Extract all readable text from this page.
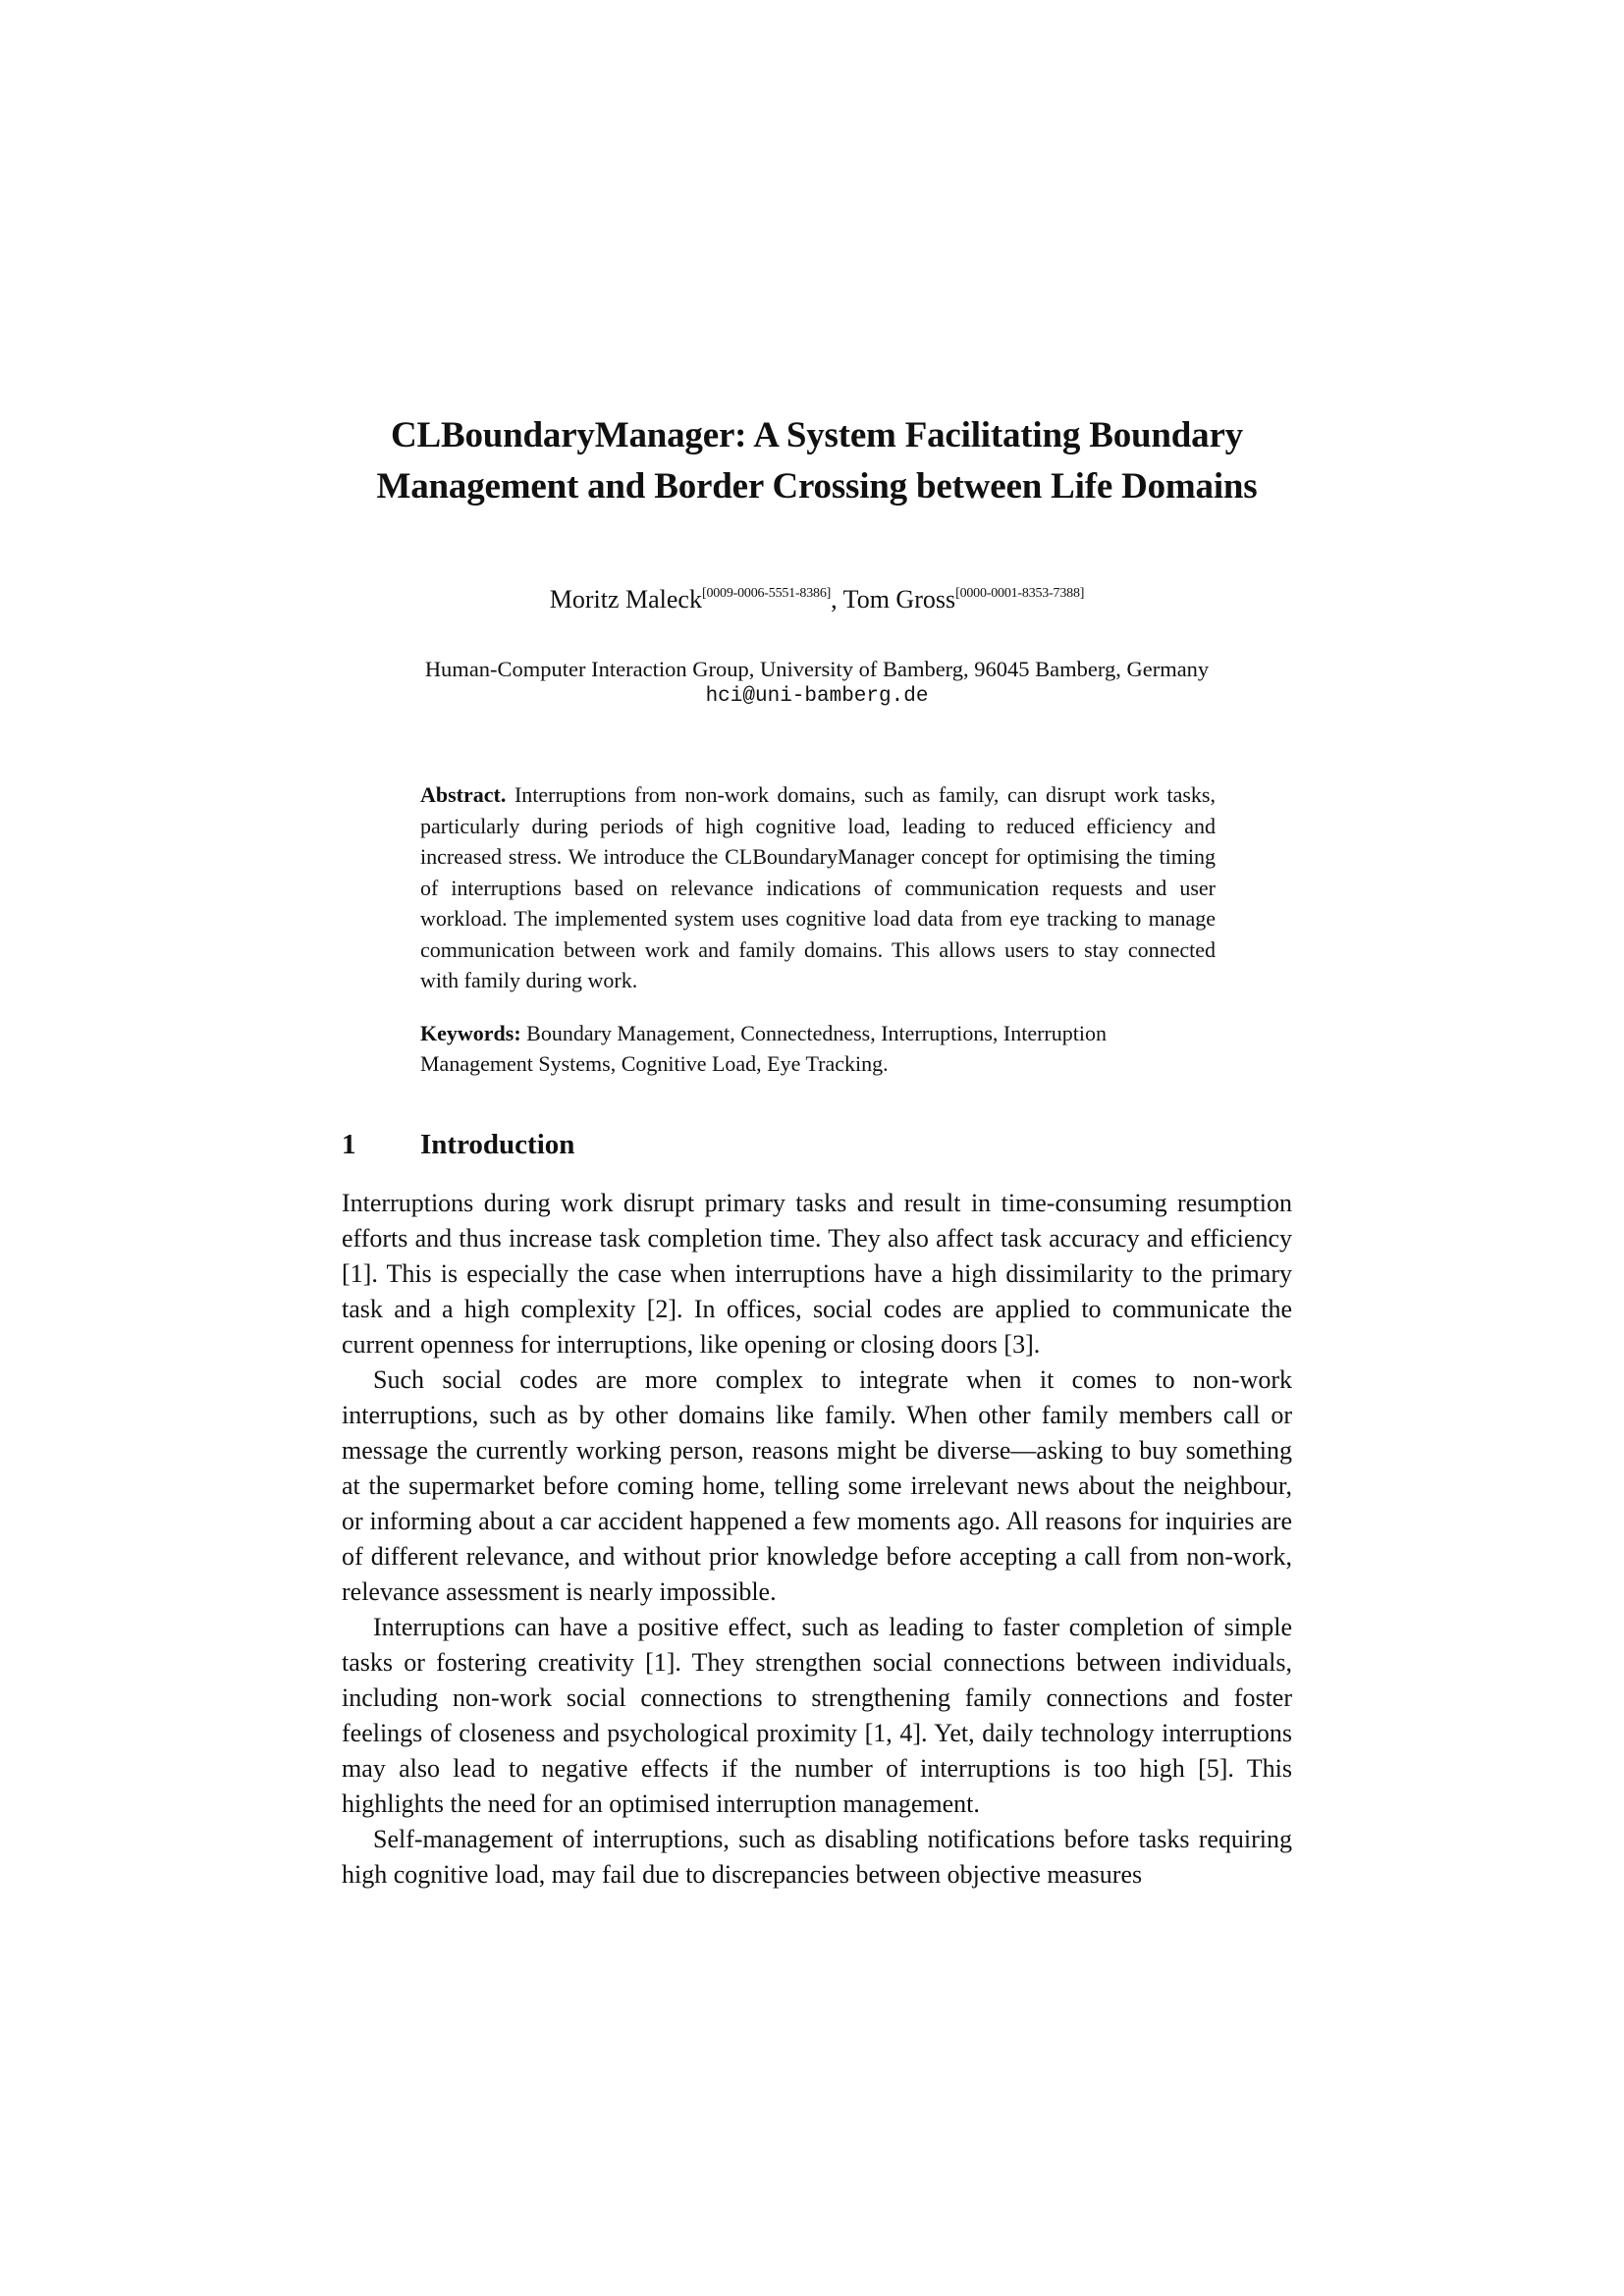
CLBoundaryManager: A System Facilitating Boundary
Management and Border Crossing between Life Domains
Moritz Maleck[0009-0006-5551-8386], Tom Gross[0000-0001-8353-7388]
Human-Computer Interaction Group, University of Bamberg, 96045 Bamberg, Germany
hci@uni-bamberg.de
Abstract. Interruptions from non-work domains, such as family, can disrupt work tasks, particularly during periods of high cognitive load, leading to reduced efficiency and increased stress. We introduce the CLBoundaryManager concept for optimising the timing of interruptions based on relevance indications of communication requests and user workload. The implemented system uses cognitive load data from eye tracking to manage communication between work and family domains. This allows users to stay connected with family during work.
Keywords: Boundary Management, Connectedness, Interruptions, Interruption Management Systems, Cognitive Load, Eye Tracking.
1 Introduction

Interruptions during work disrupt primary tasks and result in time-consuming resumption efforts and thus increase task completion time. They also affect task accuracy and efficiency [1]. This is especially the case when interruptions have a high dissimilarity to the primary task and a high complexity [2]. In offices, social codes are applied to communicate the current openness for interruptions, like opening or closing doors [3].

Such social codes are more complex to integrate when it comes to non-work interruptions, such as by other domains like family. When other family members call or message the currently working person, reasons might be diverse—asking to buy something at the supermarket before coming home, telling some irrelevant news about the neighbour, or informing about a car accident happened a few moments ago. All reasons for inquiries are of different relevance, and without prior knowledge before accepting a call from non-work, relevance assessment is nearly impossible.

Interruptions can have a positive effect, such as leading to faster completion of simple tasks or fostering creativity [1]. They strengthen social connections between individuals, including non-work social connections to strengthening family connections and foster feelings of closeness and psychological proximity [1, 4]. Yet, daily technology interruptions may also lead to negative effects if the number of interruptions is too high [5]. This highlights the need for an optimised interruption management.

Self-management of interruptions, such as disabling notifications before tasks requiring high cognitive load, may fail due to discrepancies between objective measures
